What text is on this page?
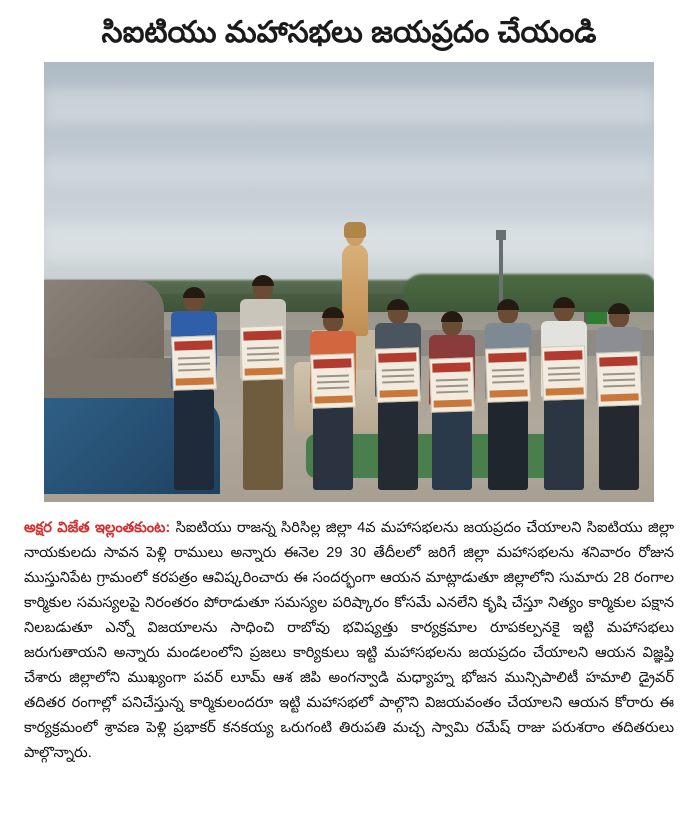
సిఐటియు మహాసభలు జయప్రదం చేయండి

అక్షర విజేత ఇల్లంతకుంట: సిఐటియు రాజన్న సిరిసిల్ల జిల్లా 4వ మహాసభలను జయప్రదం చేయాలని సిఐటియు జిల్లా నాయకులదు సావన పెళ్లి రాములు అన్నారు ఈనెల 29 30 తేదీలలో జరిగే జిల్లా మహాసభలను శనివారం రోజున ముస్తునిపేట గ్రామంలో కరపత్రం ఆవిష్కరించారు ఈ సందర్భంగా ఆయన మాట్లాడుతూ జిల్లాలోని సుమారు 28 రంగాల కార్మికుల సమస్యలపై నిరంతరం పోరాడుతూ సమస్యల పరిష్కారం కోసమే ఎనలేని కృషి చేస్తూ నిత్యం కార్మికుల పక్షాన నిలబడుతూ ఎన్నో విజయాలను సాధించి రాబోవు భవిష్యత్తు కార్యక్రమాల రూపకల్పనకై ఇట్టి మహాసభలు జరుగుతాయని అన్నారు మండలంలోని ప్రజలు కార్యికులు ఇట్టి మహాసభలను జయప్రదం చేయాలని ఆయన విజ్ఞప్తి చేశారు జిల్లాలోని ముఖ్యంగా పవర్ లూమ్ ఆశ జిపి అంగన్వాడి మధ్యాహ్న భోజన మున్సిపాలిటీ హమాలి డ్రైవర్ తదితర రంగాల్లో పనిచేస్తున్న కార్మికులందరూ ఇట్టి మహాసభలో పాల్గొని విజయవంతం చేయాలని ఆయన కోరారు ఈ కార్యక్రమంలో శ్రావణ పెళ్లి ప్రభాకర్ కనకయ్య ఒరుగంటి తిరుపతి మచ్చ స్వామి రమేష్ రాజు పరుశరాం తదితరులు పాల్గొన్నారు.
